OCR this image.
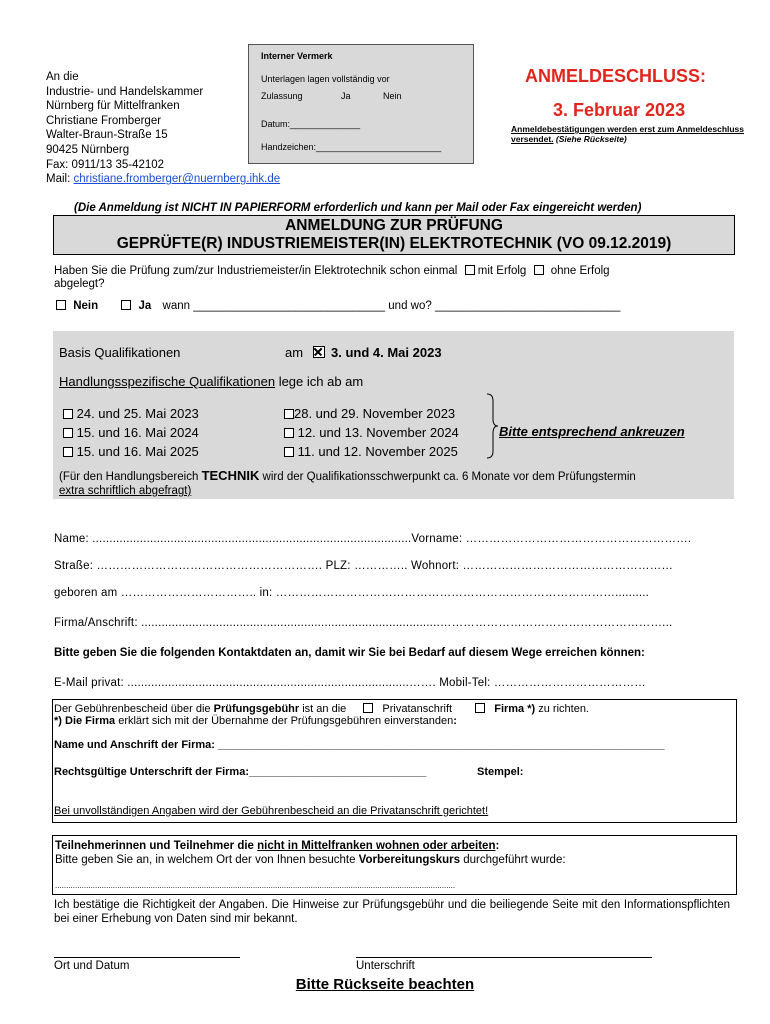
An die
Industrie- und Handelskammer
Nürnberg für Mittelfranken
Christiane Fromberger
Walter-Braun-Straße 15
90425 Nürnberg
Fax: 0911/13 35-42102
Mail: christiane.fromberger@nuernberg.ihk.de
Interner Vermerk
Unterlagen lagen vollständig vor
Zulassung	Ja	Nein
Datum:______________
Handzeichen:_________________________
ANMELDESCHLUSS:
3. Februar 2023
Anmeldebestätigungen werden erst zum Anmeldeschluss versendet. (Siehe Rückseite)
(Die Anmeldung ist NICHT IN PAPIERFORM erforderlich und kann per Mail oder Fax eingereicht werden)
ANMELDUNG ZUR PRÜFUNG
GEPRÜFTE(R) INDUSTRIEMEISTER(IN) ELEKTROTECHNIK (VO 09.12.2019)
Haben Sie die Prüfung zum/zur Industriemeister/in Elektrotechnik schon einmal mit Erfolg ohne Erfolg
abgelegt?
Nein	Ja wann ______________________________ und wo? _____________________________
Basis Qualifikationen	am 3. und 4. Mai 2023
Handlungsspezifische Qualifikationen lege ich ab am
24. und 25. Mai 2023
15. und 16. Mai 2024
15. und 16. Mai 2025
28. und 29. November 2023
12. und 13. November 2024
11. und 12. November 2025
Bitte entsprechend ankreuzen
(Für den Handlungsbereich TECHNIK wird der Qualifikationsschwerpunkt ca. 6 Monate vor dem Prüfungstermin
extra schriftlich abgefragt)
Name: ..............................................................................................Vorname: ………………………………………………….
Straße: …………………………………………………. PLZ: ………….. Wohnort: ………………………………………………
geboren am …………………………….. in: ……………………………………………………………………………..........
Firma/Anschrift: ........................................................................................…………………………………………………...
Bitte geben Sie die folgenden Kontaktdaten an, damit wir Sie bei Bedarf auf diesem Wege erreichen können:
E-Mail privat: ...................................................................................……. Mobil-Tel: …………………………………
Der Gebührenbescheid über die Prüfungsgebühr ist an die	Privatanschrift	Firma *) zu richten.
*) Die Firma erklärt sich mit der Übernahme der Prüfungsgebühren einverstanden:
Name und Anschrift der Firma: _________________________________________________________________________
Rechtsgültige Unterschrift der Firma:_____________________________	Stempel:
Bei unvollständigen Angaben wird der Gebührenbescheid an die Privatanschrift gerichtet!
Teilnehmerinnen und Teilnehmer die nicht in Mittelfranken wohnen oder arbeiten:
Bitte geben Sie an, in welchem Ort der von Ihnen besuchte Vorbereitungskurs durchgeführt wurde:
....................................................................................................................................................................................
Ich bestätige die Richtigkeit der Angaben. Die Hinweise zur Prüfungsgebühr und die beiliegende Seite mit den Informationspflichten bei einer Erhebung von Daten sind mir bekannt.
Ort und Datum	Unterschrift
Bitte Rückseite beachten
